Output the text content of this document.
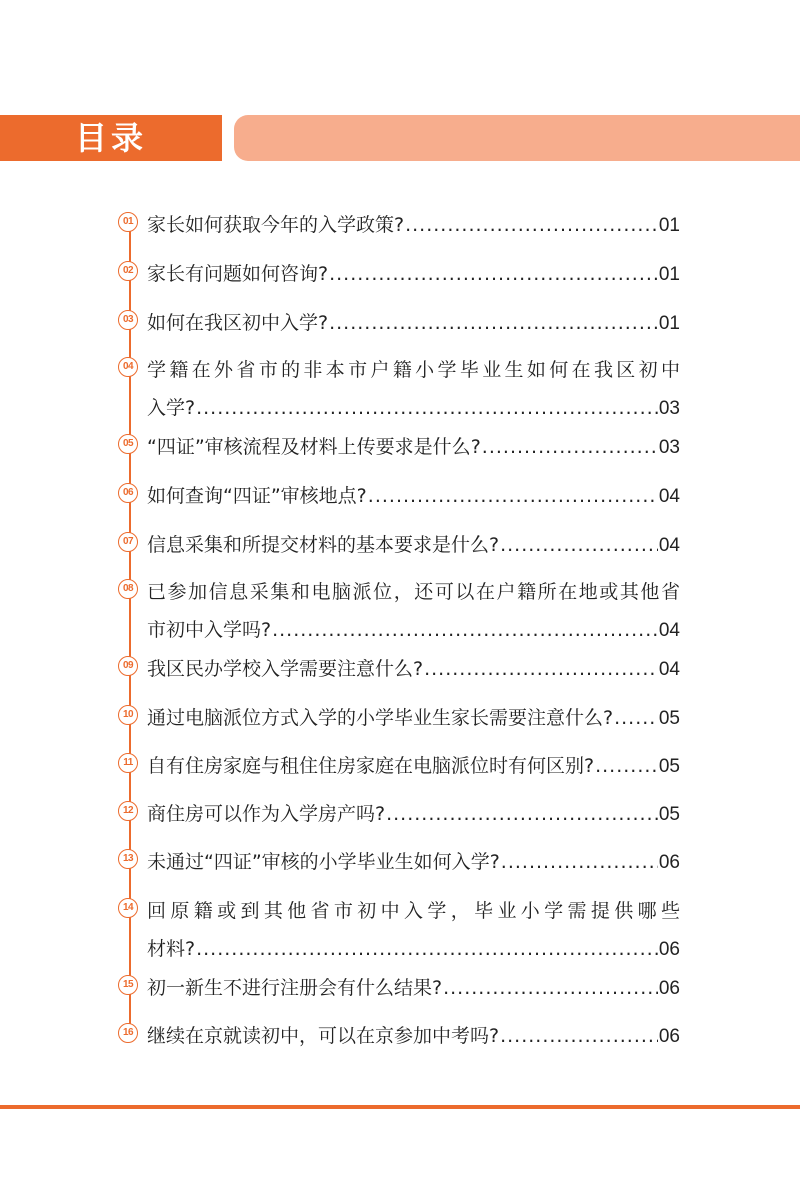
目录
01 家长如何获取今年的入学政策? .....	01
02 家长有问题如何咨询? .....	01
03 如何在我区初中入学? .....	01
04 学籍在外省市的非本市户籍小学毕业生如何在我区初中
入学? .....	03
05 “四证”审核流程及材料上传要求是什么? .....	03
06 如何查询“四证”审核地点? .....	04
07 信息采集和所提交材料的基本要求是什么? .....	04
08 已参加信息采集和电脑派位，还可以在户籍所在地或其他省
市初中入学吗? .....	04
09 我区民办学校入学需要注意什么? .....	04
10 通过电脑派位方式入学的小学毕业生家长需要注意什么? ..... 05
11 自有住房家庭与租住住房家庭在电脑派位时有何区别? .....	05
12 商住房可以作为入学房产吗? .....	05
13 未通过“四证”审核的小学毕业生如何入学? .....	06
14 回原籍或到其他省市初中入学，毕业小学需提供哪些
材料? .....	06
15 初一新生不进行注册会有什么结果? .....	06
16 继续在京就读初中，可以在京参加中考吗? .....	06
